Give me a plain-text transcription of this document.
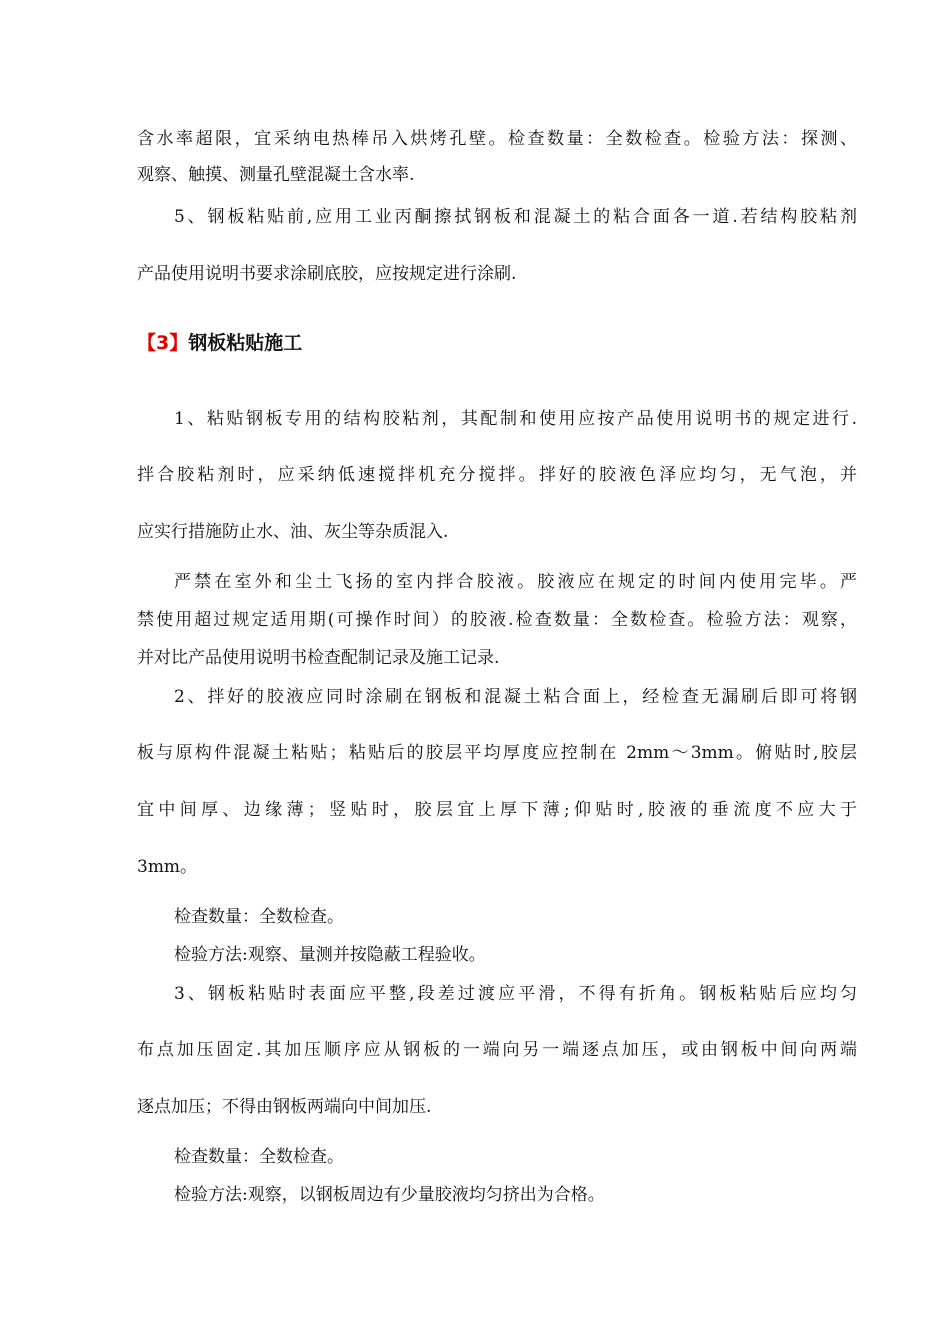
含水率超限，宜采纳电热棒吊入烘烤孔壁。检查数量：全数检查。检验方法：探测、
观察、触摸、测量孔壁混凝土含水率.
5、钢板粘贴前,应用工业丙酮擦拭钢板和混凝土的粘合面各一道.若结构胶粘剂
产品使用说明书要求涂刷底胶，应按规定进行涂刷.
【3】钢板粘贴施工
1、粘贴钢板专用的结构胶粘剂，其配制和使用应按产品使用说明书的规定进行.
拌合胶粘剂时，应采纳低速搅拌机充分搅拌。拌好的胶液色泽应均匀，无气泡，并
应实行措施防止水、油、灰尘等杂质混入.
严禁在室外和尘土飞扬的室内拌合胶液。胶液应在规定的时间内使用完毕。严
禁使用超过规定适用期(可操作时间）的胶液.检查数量：全数检查。检验方法：观察，
并对比产品使用说明书检查配制记录及施工记录.
2、拌好的胶液应同时涂刷在钢板和混凝土粘合面上，经检查无漏刷后即可将钢
板与原构件混凝土粘贴；粘贴后的胶层平均厚度应控制在 2mm～3mm。俯贴时,胶层
宜中间厚、边缘薄；竖贴时，胶层宜上厚下薄;仰贴时,胶液的垂流度不应大于
3mm。
检查数量：全数检查。
检验方法:观察、量测并按隐蔽工程验收。
3、钢板粘贴时表面应平整,段差过渡应平滑，不得有折角。钢板粘贴后应均匀
布点加压固定.其加压顺序应从钢板的一端向另一端逐点加压，或由钢板中间向两端
逐点加压；不得由钢板两端向中间加压.
检查数量：全数检查。
检验方法:观察，以钢板周边有少量胶液均匀挤出为合格。
